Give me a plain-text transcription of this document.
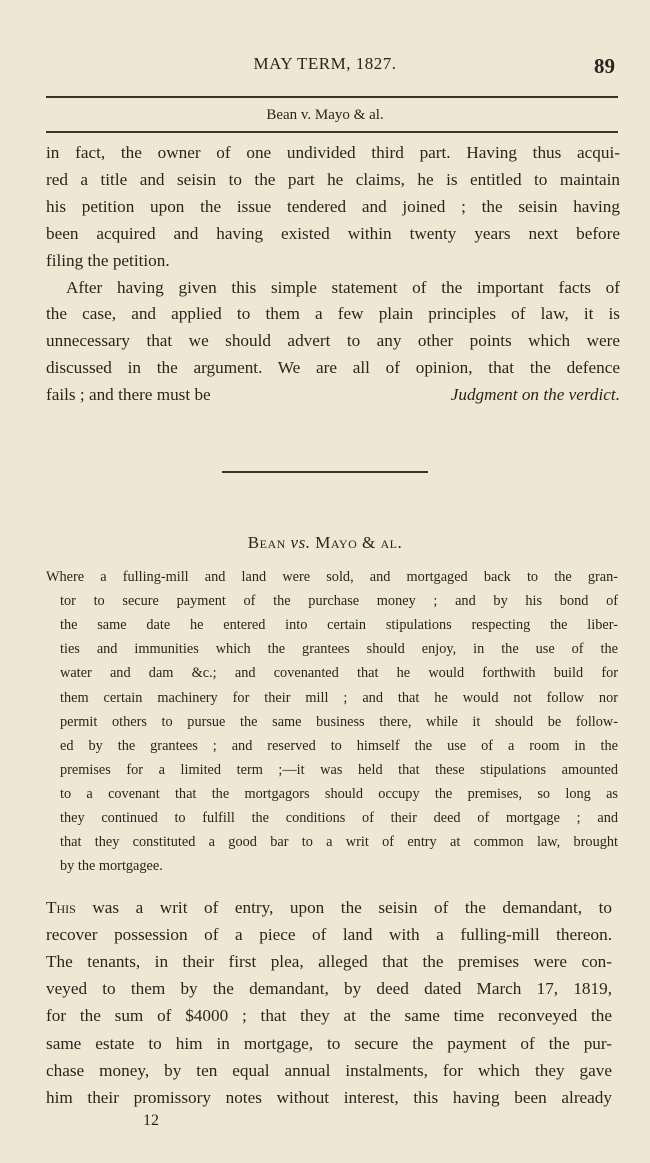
MAY TERM, 1827.	89
Bean v. Mayo & al.
in fact, the owner of one undivided third part. Having thus acqui-
red a title and seisin to the part he claims, he is entitled to maintain
his petition upon the issue tendered and joined ; the seisin having
been acquired and having existed within twenty years next before
filing the petition.
After having given this simple statement of the important facts of
the case, and applied to them a few plain principles of law, it is
unnecessary that we should advert to any other points which were
discussed in the argument. We are all of opinion, that the defence
fails ; and there must be	Judgment on the verdict.
Bean vs. Mayo & al.
Where a fulling-mill and land were sold, and mortgaged back to the gran-
tor to secure payment of the purchase money ; and by his bond of
the same date he entered into certain stipulations respecting the liber-
ties and immunities which the grantees should enjoy, in the use of the
water and dam &c.; and covenanted that he would forthwith build for
them certain machinery for their mill ; and that he would not follow nor
permit others to pursue the same business there, while it should be follow-
ed by the grantees ; and reserved to himself the use of a room in the
premises for a limited term ;—it was held that these stipulations amounted
to a covenant that the mortgagors should occupy the premises, so long as
they continued to fulfill the conditions of their deed of mortgage ; and
that they constituted a good bar to a writ of entry at common law, brought
by the mortgagee.
This was a writ of entry, upon the seisin of the demandant, to
recover possession of a piece of land with a fulling-mill thereon.
The tenants, in their first plea, alleged that the premises were con-
veyed to them by the demandant, by deed dated March 17, 1819,
for the sum of $4000 ; that they at the same time reconveyed the
same estate to him in mortgage, to secure the payment of the pur-
chase money, by ten equal annual instalments, for which they gave
him their promissory notes without interest, this having been already
12
